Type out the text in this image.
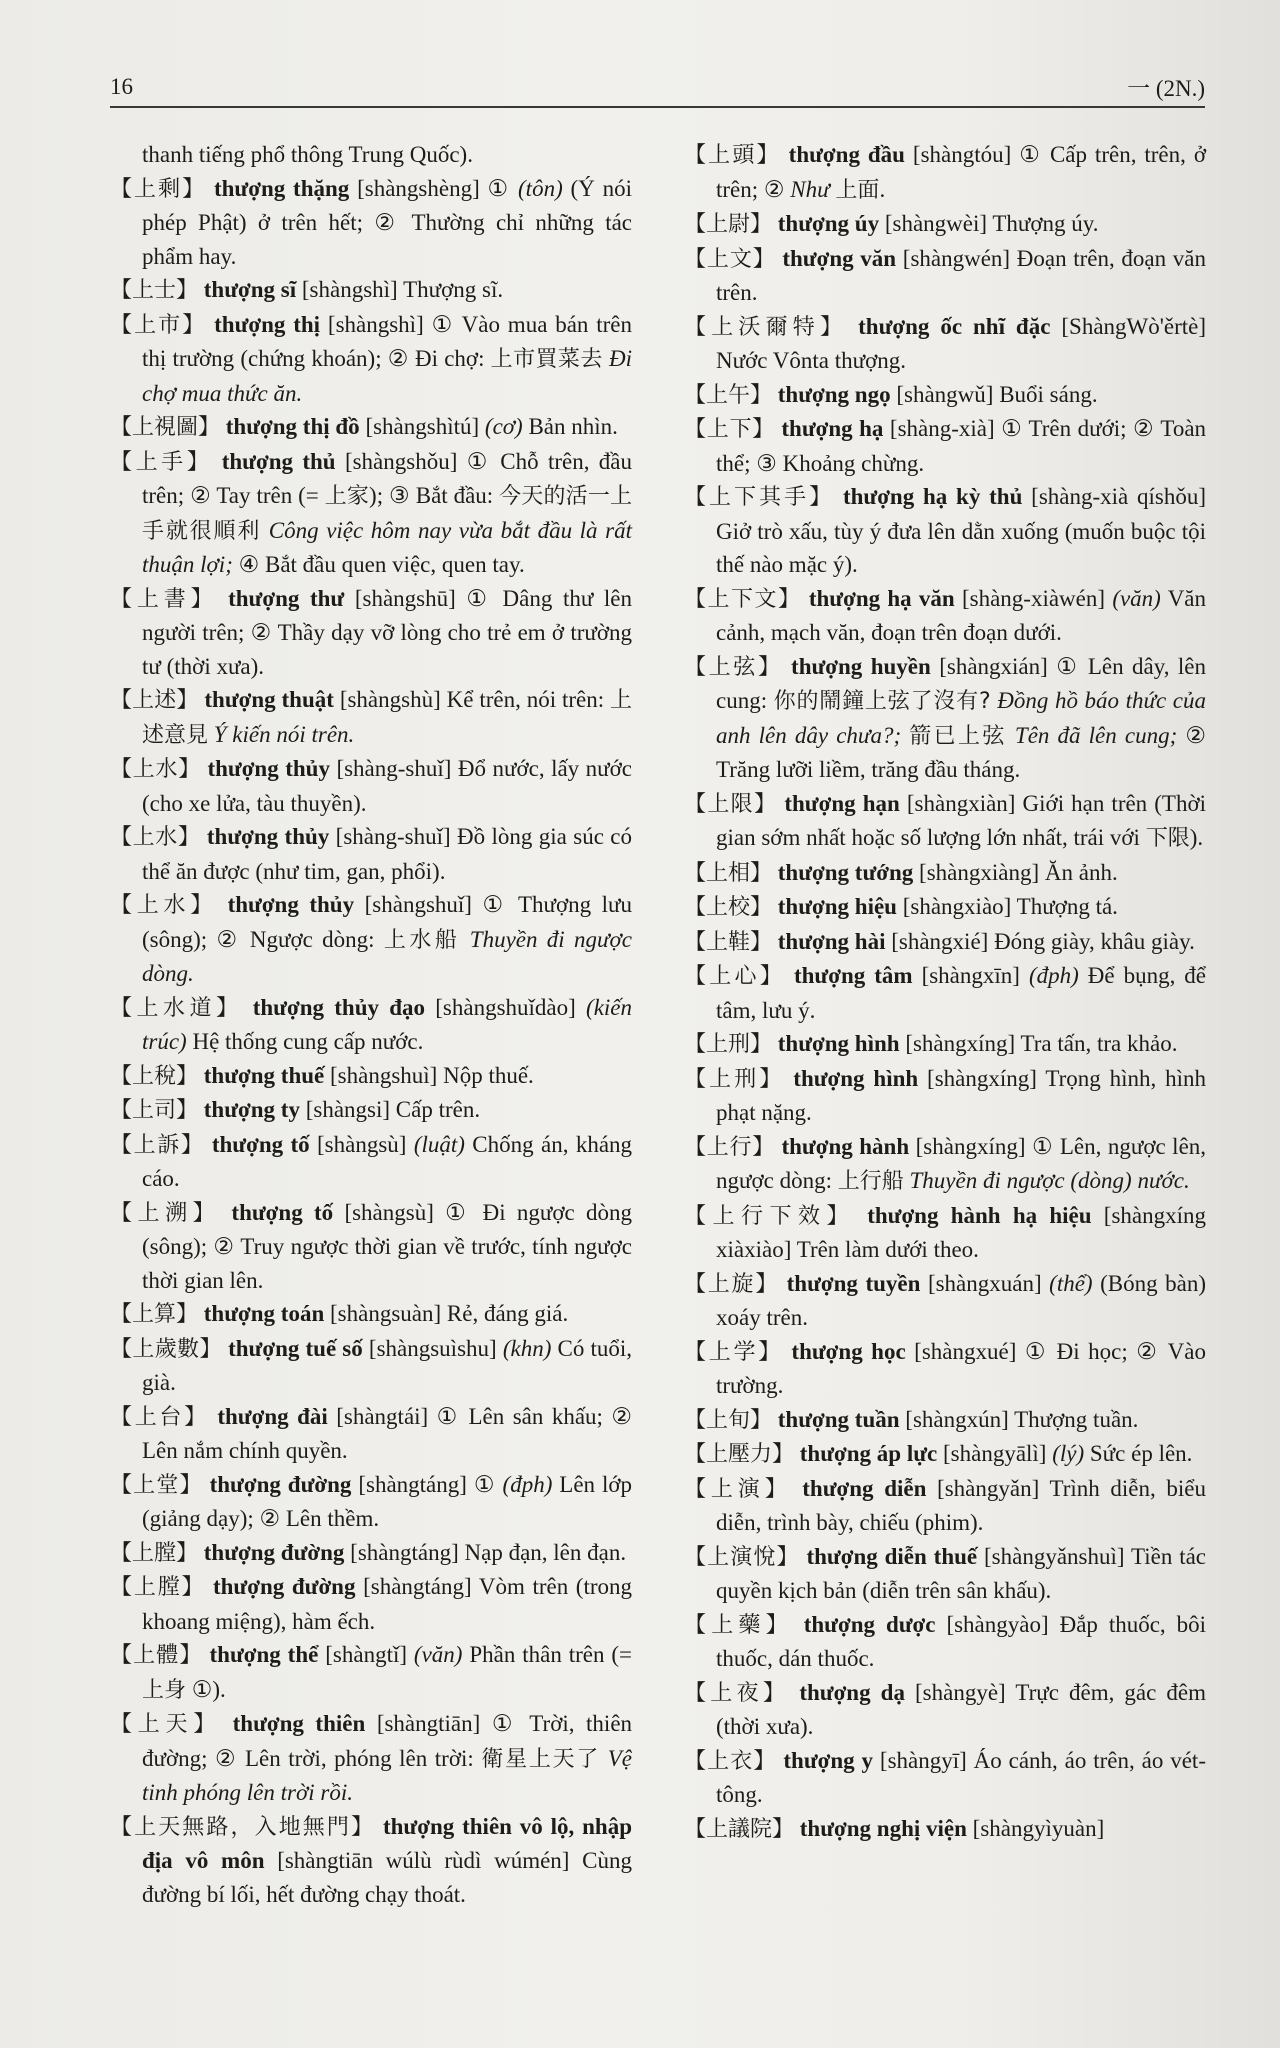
16	一 (2N.)

thanh tiếng phổ thông Trung Quốc).

【上剩】 thượng thặng [shàngshèng] ① (tôn) (Ý nói phép Phật) ở trên hết; ② Thường chỉ những tác phẩm hay.

【上士】 thượng sĩ [shàngshì] Thượng sĩ.

【上市】 thượng thị [shàngshì] ① Vào mua bán trên thị trường (chứng khoán); ② Đi chợ: 上市買菜去 Đi chợ mua thức ăn.

【上視圖】 thượng thị đồ [shàngshìtú] (cơ) Bản nhìn.

【上手】 thượng thủ [shàngshǒu] ① Chỗ trên, đầu trên; ② Tay trên (= 上家); ③ Bắt đầu: 今天的活一上手就很順利 Công việc hôm nay vừa bắt đầu là rất thuận lợi; ④ Bắt đầu quen việc, quen tay.

【上書】 thượng thư [shàngshū] ① Dâng thư lên người trên; ② Thầy dạy vỡ lòng cho trẻ em ở trường tư (thời xưa).

【上述】 thượng thuật [shàngshù] Kể trên, nói trên: 上述意見 Ý kiến nói trên.

【上水】 thượng thủy [shàng-shuǐ] Đổ nước, lấy nước (cho xe lửa, tàu thuyền).

【上水】 thượng thủy [shàng-shuǐ] Đồ lòng gia súc có thể ăn được (như tim, gan, phổi).

【上水】 thượng thủy [shàngshuǐ] ① Thượng lưu (sông); ② Ngược dòng: 上水船 Thuyền đi ngược dòng.

【上水道】 thượng thủy đạo [shàngshuǐdào] (kiến trúc) Hệ thống cung cấp nước.

【上稅】 thượng thuế [shàngshuì] Nộp thuế.

【上司】 thượng ty [shàngsi] Cấp trên.

【上訴】 thượng tố [shàngsù] (luật) Chống án, kháng cáo.

【上溯】 thượng tố [shàngsù] ① Đi ngược dòng (sông); ② Truy ngược thời gian về trước, tính ngược thời gian lên.

【上算】 thượng toán [shàngsuàn] Rẻ, đáng giá.

【上歲數】 thượng tuế số [shàngsuìshu] (khn) Có tuổi, già.

【上台】 thượng đài [shàngtái] ① Lên sân khấu; ② Lên nắm chính quyền.

【上堂】 thượng đường [shàngtáng] ① (đph) Lên lớp (giảng dạy); ② Lên thềm.

【上膛】 thượng đường [shàngtáng] Nạp đạn, lên đạn.

【上膛】 thượng đường [shàngtáng] Vòm trên (trong khoang miệng), hàm ếch.

【上體】 thượng thể [shàngtǐ] (văn) Phần thân trên (= 上身 ①).

【上天】 thượng thiên [shàngtiān] ① Trời, thiên đường; ② Lên trời, phóng lên trời: 衛星上天了 Vệ tinh phóng lên trời rồi.

【上天無路，入地無門】 thượng thiên vô lộ, nhập địa vô môn [shàngtiān wúlù rùdì wúmén] Cùng đường bí lối, hết đường chạy thoát.

【上頭】 thượng đầu [shàngtóu] ① Cấp trên, trên, ở trên; ② Như 上面.

【上尉】 thượng úy [shàngwèi] Thượng úy.

【上文】 thượng văn [shàngwén] Đoạn trên, đoạn văn trên.

【上沃爾特】 thượng ốc nhĩ đặc [ShàngWò'ěrtè] Nước Vônta thượng.

【上午】 thượng ngọ [shàngwǔ] Buổi sáng.

【上下】 thượng hạ [shàng-xià] ① Trên dưới; ② Toàn thể; ③ Khoảng chừng.

【上下其手】 thượng hạ kỳ thủ [shàng-xià qíshǒu] Giở trò xấu, tùy ý đưa lên dằn xuống (muốn buộc tội thế nào mặc ý).

【上下文】 thượng hạ văn [shàng-xiàwén] (văn) Văn cảnh, mạch văn, đoạn trên đoạn dưới.

【上弦】 thượng huyền [shàngxián] ① Lên dây, lên cung: 你的鬧鐘上弦了沒有? Đồng hồ báo thức của anh lên dây chưa?; 箭已上弦 Tên đã lên cung; ② Trăng lưỡi liềm, trăng đầu tháng.

【上限】 thượng hạn [shàngxiàn] Giới hạn trên (Thời gian sớm nhất hoặc số lượng lớn nhất, trái với 下限).

【上相】 thượng tướng [shàngxiàng] Ăn ảnh.

【上校】 thượng hiệu [shàngxiào] Thượng tá.

【上鞋】 thượng hài [shàngxié] Đóng giày, khâu giày.

【上心】 thượng tâm [shàngxīn] (đph) Để bụng, để tâm, lưu ý.

【上刑】 thượng hình [shàngxíng] Tra tấn, tra khảo.

【上刑】 thượng hình [shàngxíng] Trọng hình, hình phạt nặng.

【上行】 thượng hành [shàngxíng] ① Lên, ngược lên, ngược dòng: 上行船 Thuyền đi ngược (dòng) nước.

【上行下效】 thượng hành hạ hiệu [shàngxíng xiàxiào] Trên làm dưới theo.

【上旋】 thượng tuyền [shàngxuán] (thể) (Bóng bàn) xoáy trên.

【上学】 thượng học [shàngxué] ① Đi học; ② Vào trường.

【上旬】 thượng tuần [shàngxún] Thượng tuần.

【上壓力】 thượng áp lực [shàngyālì] (lý) Sức ép lên.

【上演】 thượng diễn [shàngyǎn] Trình diễn, biểu diễn, trình bày, chiếu (phim).

【上演悅】 thượng diễn thuế [shàngyǎnshuì] Tiền tác quyền kịch bản (diễn trên sân khấu).

【上藥】 thượng dược [shàngyào] Đắp thuốc, bôi thuốc, dán thuốc.

【上夜】 thượng dạ [shàngyè] Trực đêm, gác đêm (thời xưa).

【上衣】 thượng y [shàngyī] Áo cánh, áo trên, áo vét-tông.

【上議院】 thượng nghị viện [shàngyìyuàn]
